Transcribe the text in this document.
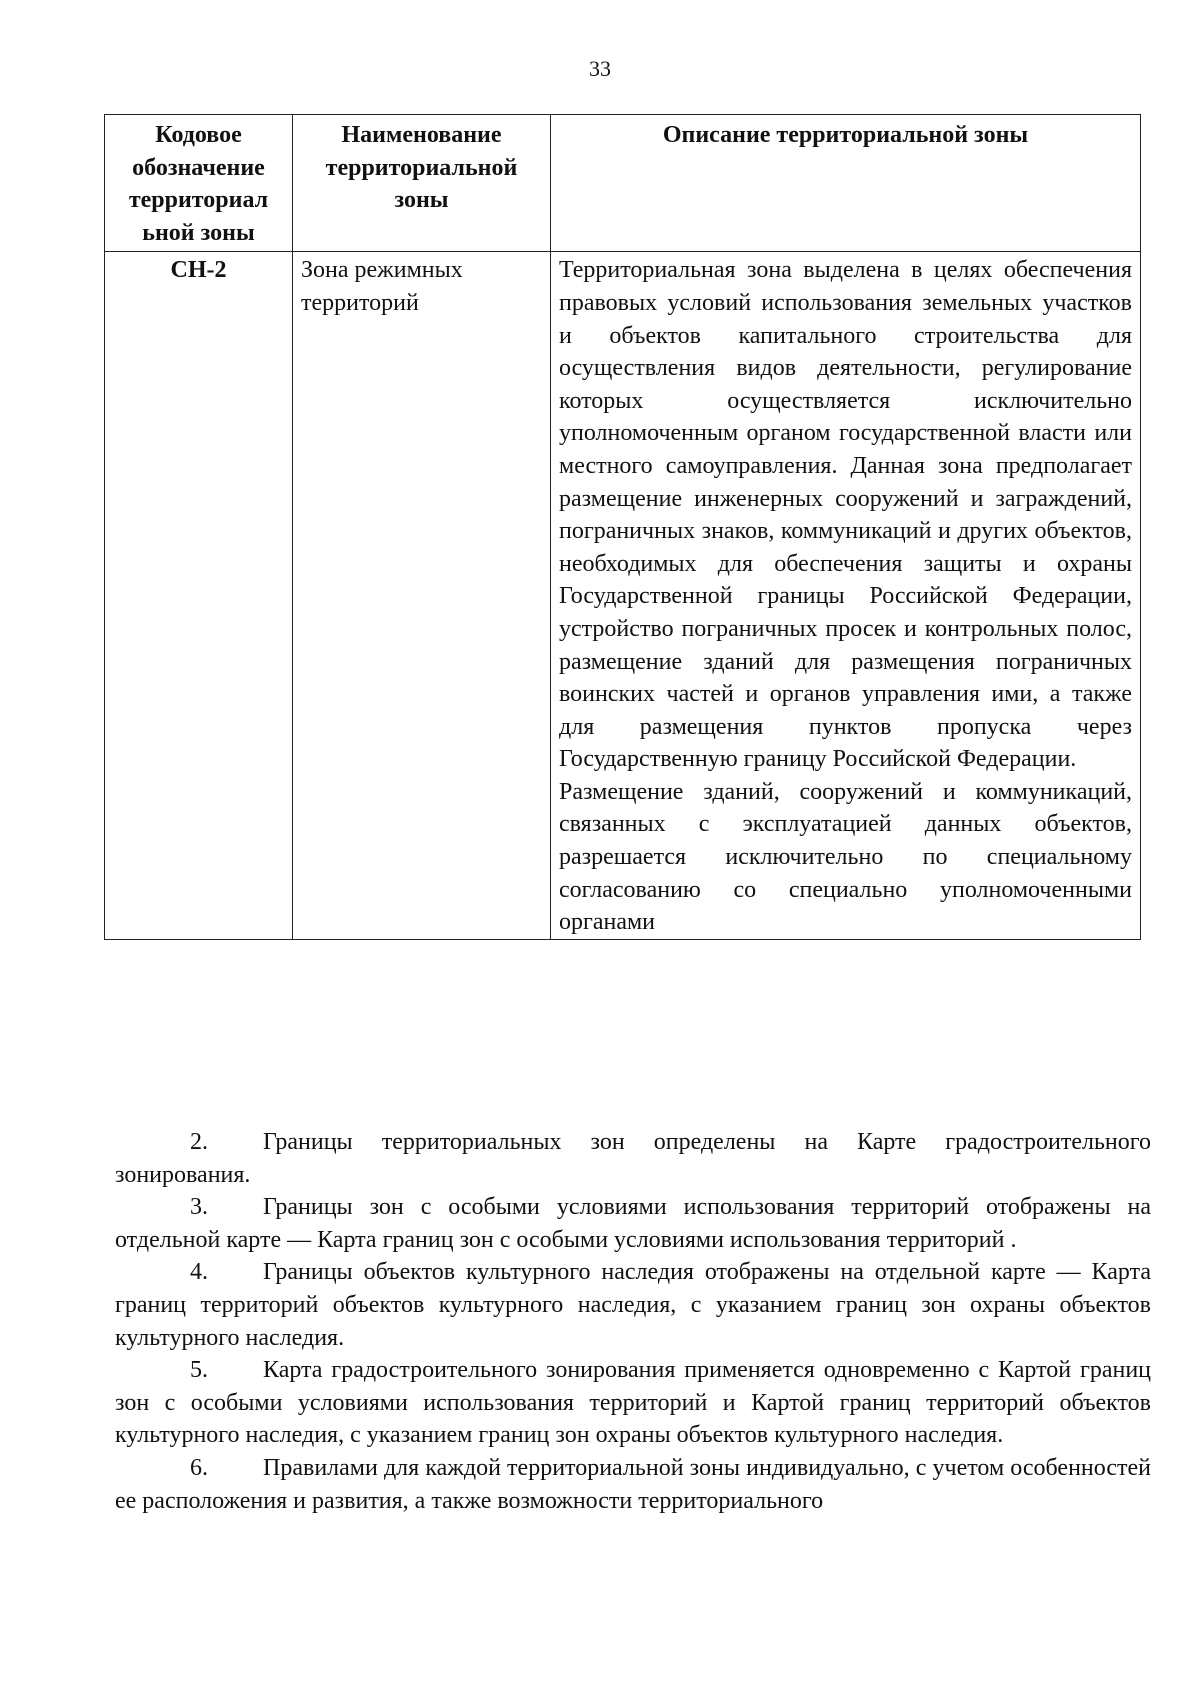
33
Кодовое обозначение территориал ьной зоны	Наименование территориальной зоны	Описание территориальной зоны
СН-2	Зона режимных территорий	Территориальная зона выделена в целях обеспечения правовых условий использования земельных участков и объектов капитального строительства для осуществления видов деятельности, регулирование которых осуществляется исключительно уполномоченным органом государственной власти или местного самоуправления. Данная зона предполагает размещение инженерных сооружений и заграждений, пограничных знаков, коммуникаций и других объектов, необходимых для обеспечения защиты и охраны Государственной границы Российской Федерации, устройство пограничных просек и контрольных полос, размещение зданий для размещения пограничных воинских частей и органов управления ими, а также для размещения пунктов пропуска через Государственную границу Российской Федерации.

Размещение зданий, сооружений и коммуникаций, связанных с эксплуатацией данных объектов, разрешается исключительно по специальному согласованию со специально уполномоченными органами

2. Границы территориальных зон определены на Карте градостроительного зонирования.

3. Границы зон с особыми условиями использования территорий отображены на отдельной карте — Карта границ зон с особыми условиями использования территорий .

4. Границы объектов культурного наследия отображены на отдельной карте — Карта границ территорий объектов культурного наследия, с указанием границ зон охраны объектов культурного наследия.

5. Карта градостроительного зонирования применяется одновременно с Картой границ зон с особыми условиями использования территорий и Картой границ территорий объектов культурного наследия, с указанием границ зон охраны объектов культурного наследия.

6. Правилами для каждой территориальной зоны индивидуально, с учетом особенностей ее расположения и развития, а также возможности территориального
